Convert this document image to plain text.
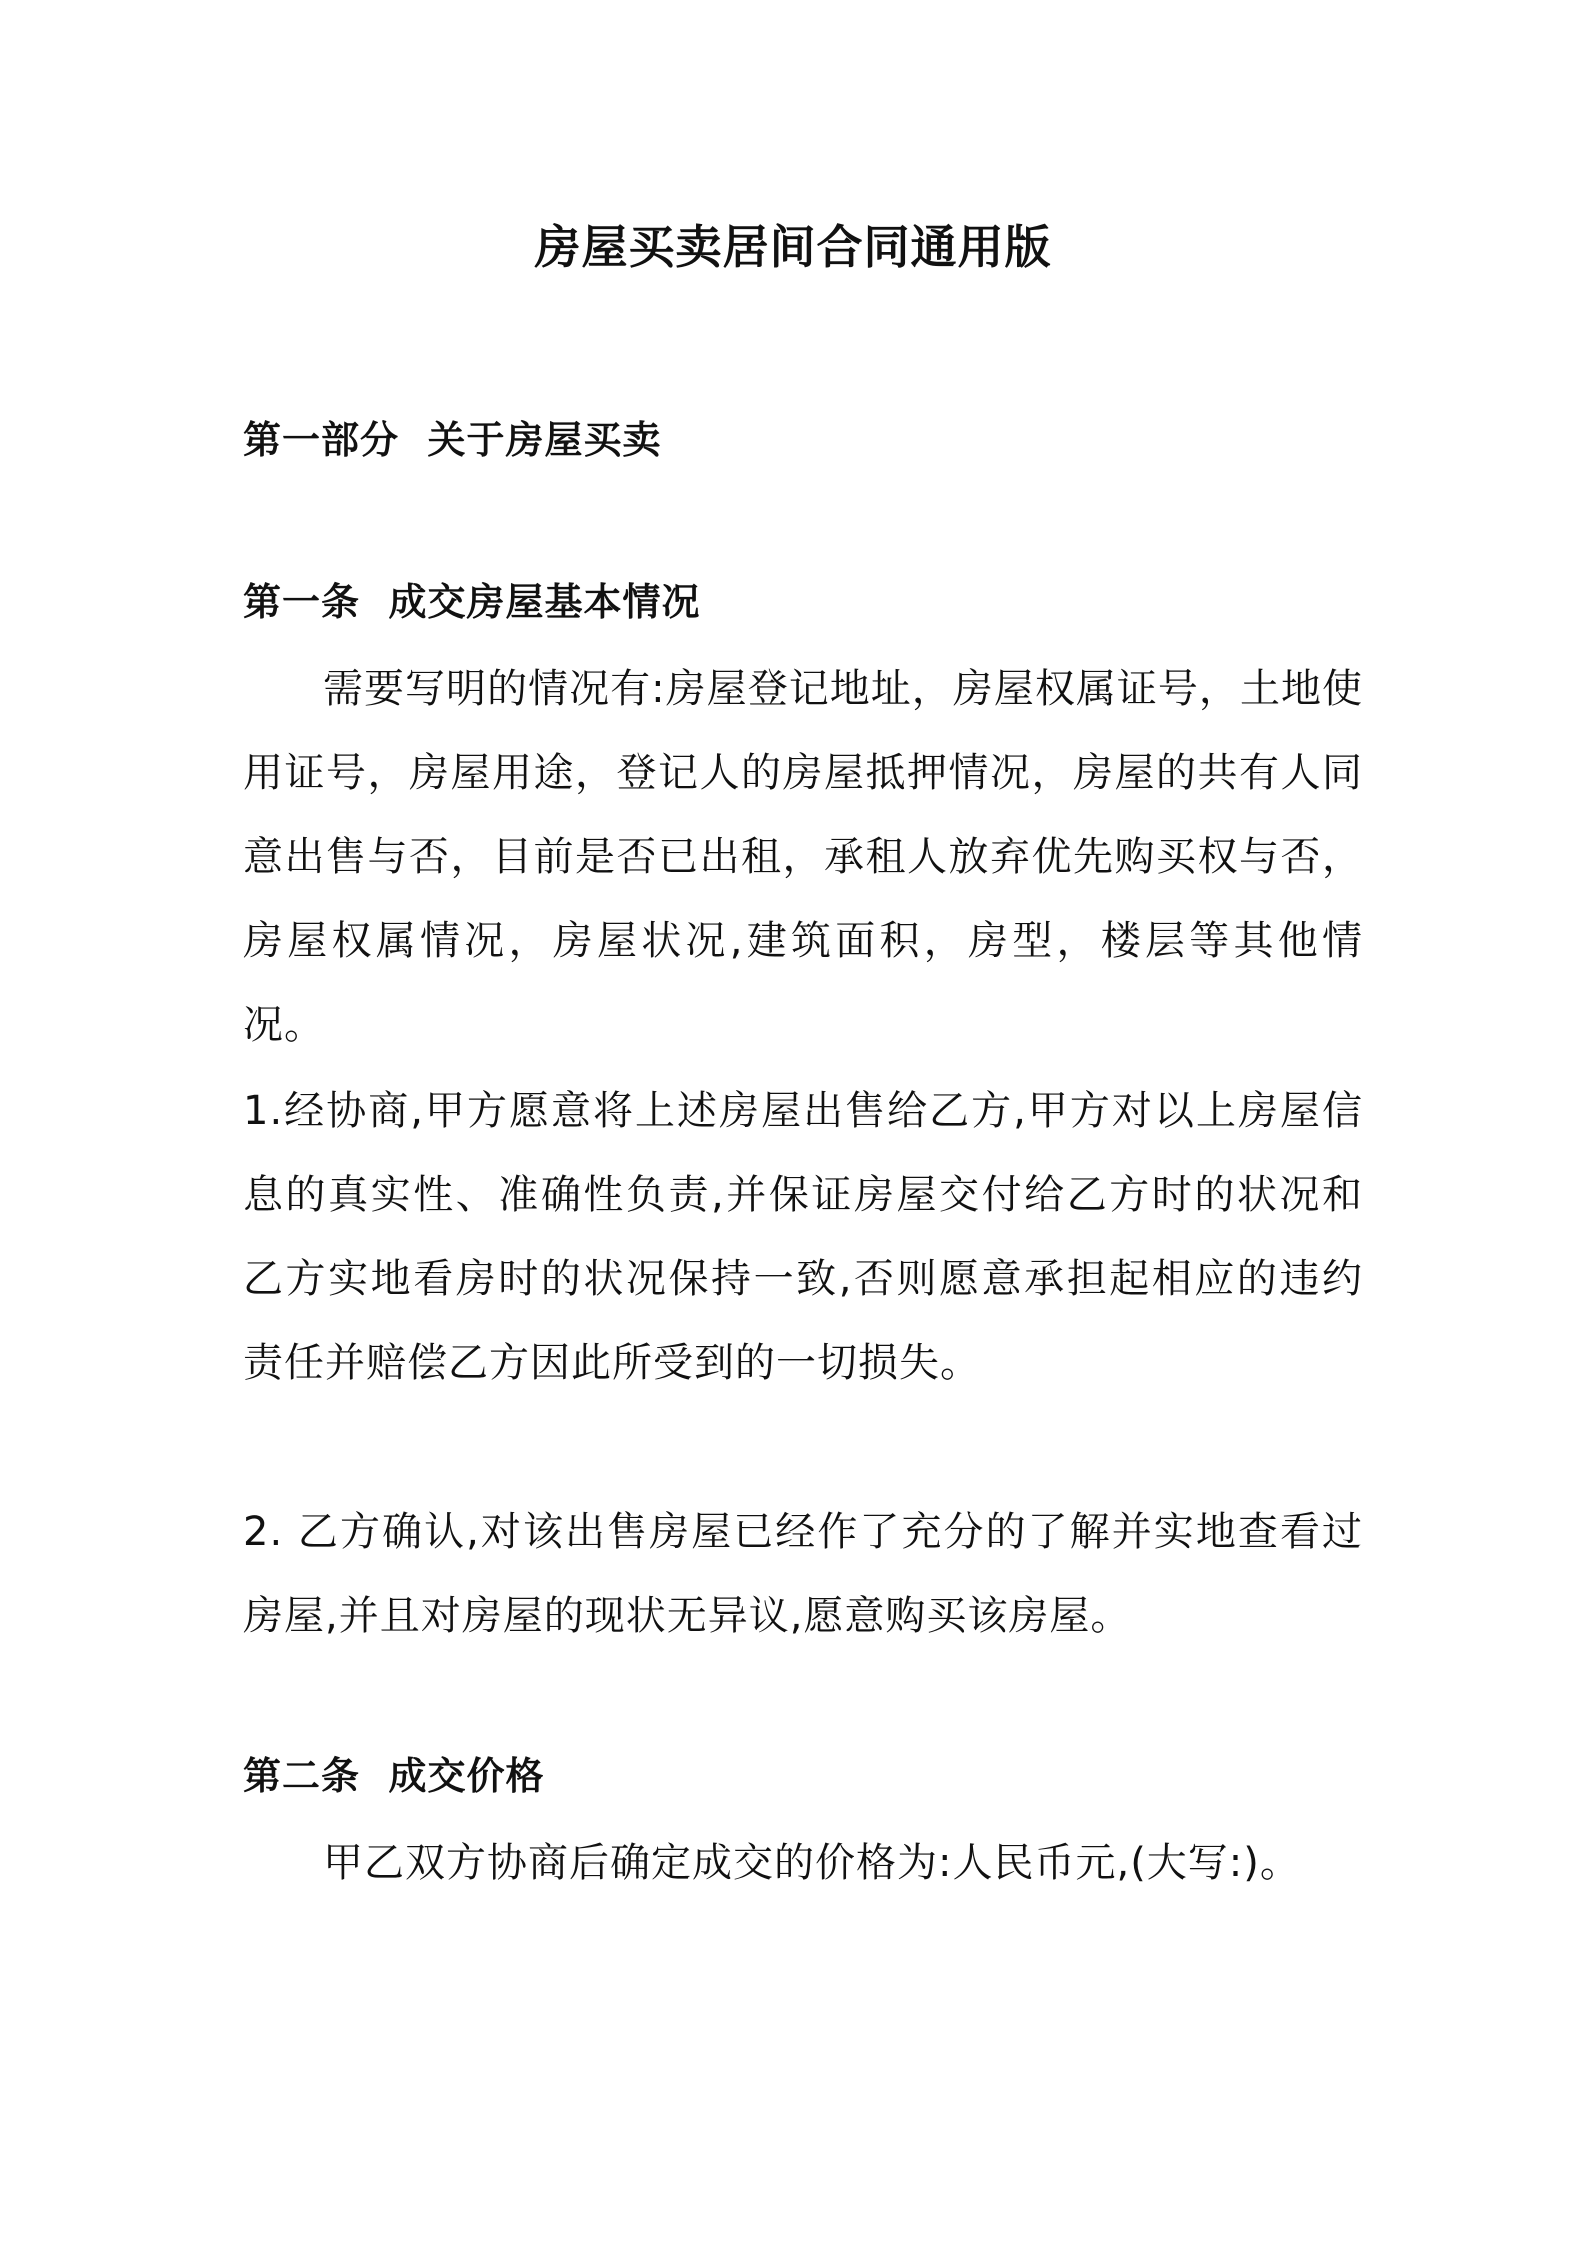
房屋买卖居间合同通用版
第一部分  关于房屋买卖
第一条  成交房屋基本情况

需要写明的情况有:房屋登记地址，房屋权属证号，土地使用证号，房屋用途，登记人的房屋抵押情况，房屋的共有人同意出售与否，目前是否已出租，承租人放弃优先购买权与否，房屋权属情况，房屋状况,建筑面积，房型，楼层等其他情况。

1.经协商,甲方愿意将上述房屋出售给乙方,甲方对以上房屋信息的真实性、准确性负责,并保证房屋交付给乙方时的状况和乙方实地看房时的状况保持一致,否则愿意承担起相应的违约责任并赔偿乙方因此所受到的一切损失。

2. 乙方确认,对该出售房屋已经作了充分的了解并实地查看过房屋,并且对房屋的现状无异议,愿意购买该房屋。

第二条  成交价格

甲乙双方协商后确定成交的价格为:人民币元,(大写:)。
